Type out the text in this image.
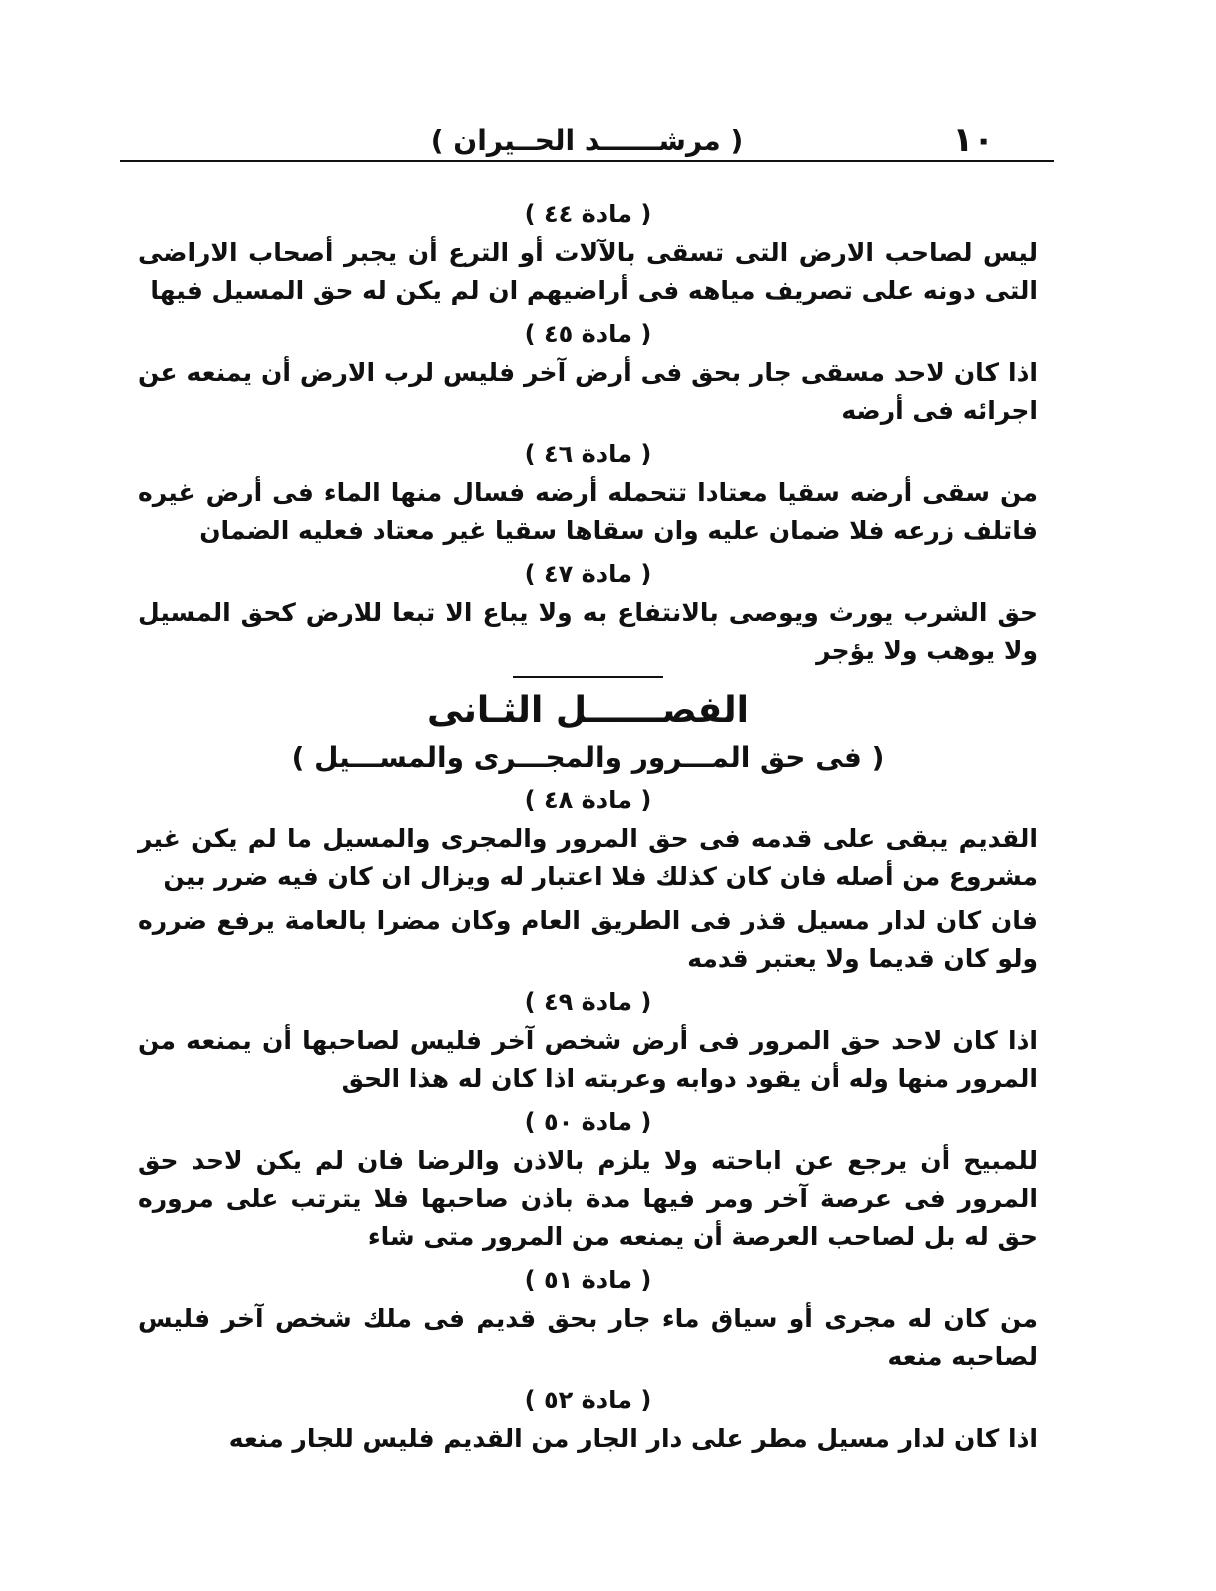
١٠
( مرشــــــد الحــيران )

( مادة ٤٤ )

ليس لصاحب الارض التى تسقى بالآلات أو الترع أن يجبر أصحاب الاراضى التى دونه على تصريف مياهه فى أراضيهم ان لم يكن له حق المسيل فيها

( مادة ٤٥ )

اذا كان لاحد مسقى جار بحق فى أرض آخر فليس لرب الارض أن يمنعه عن اجرائه فى أرضه

( مادة ٤٦ )

من سقى أرضه سقيا معتادا تتحمله أرضه فسال منها الماء فى أرض غيره فاتلف زرعه فلا ضمان عليه وان سقاها سقيا غير معتاد فعليه الضمان

( مادة ٤٧ )

حق الشرب يورث ويوصى بالانتفاع به ولا يباع الا تبعا للارض كحق المسيل ولا يوهب ولا يؤجر

الفصــــــل الثـانى

( فى حق المـــرور والمجـــرى والمســـيل )

( مادة ٤٨ )

القديم يبقى على قدمه فى حق المرور والمجرى والمسيل ما لم يكن غير مشروع من أصله فان كان كذلك فلا اعتبار له ويزال ان كان فيه ضرر بين

فان كان لدار مسيل قذر فى الطريق العام وكان مضرا بالعامة يرفع ضرره ولو كان قديما ولا يعتبر قدمه

( مادة ٤٩ )

اذا كان لاحد حق المرور فى أرض شخص آخر فليس لصاحبها أن يمنعه من المرور منها وله أن يقود دوابه وعربته اذا كان له هذا الحق

( مادة ٥٠ )

للمبيح أن يرجع عن اباحته ولا يلزم بالاذن والرضا فان لم يكن لاحد حق المرور فى عرصة آخر ومر فيها مدة باذن صاحبها فلا يترتب على مروره حق له بل لصاحب العرصة أن يمنعه من المرور متى شاء

( مادة ٥١ )

من كان له مجرى أو سياق ماء جار بحق قديم فى ملك شخص آخر فليس لصاحبه منعه

( مادة ٥٢ )

اذا كان لدار مسيل مطر على دار الجار من القديم فليس للجار منعه
